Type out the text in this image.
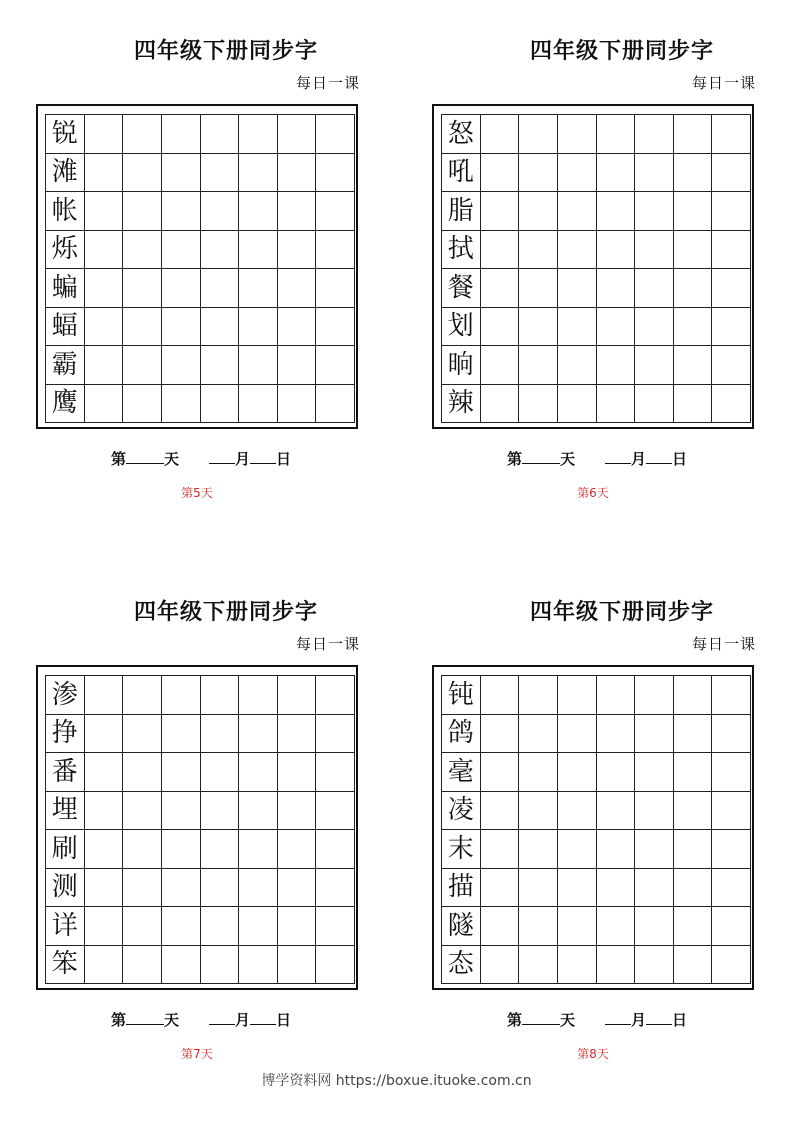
四年级下册同步字
每日一课
锐
滩
帐
烁
蝙
蝠
霸
鹰
第	天	月 日
第5天
四年级下册同步字
每日一课
怒
吼
脂
拭
餐
划
晌
辣
第	天	月 日
第6天
四年级下册同步字
每日一课
渗
挣
番
埋
刷
测
详
笨
第	天	月 日
第7天
四年级下册同步字
每日一课
钝
鸽
毫
凌
末
描
隧
态
第	天	月 日
第8天
博学资料网 https://boxue.ituoke.com.cn
